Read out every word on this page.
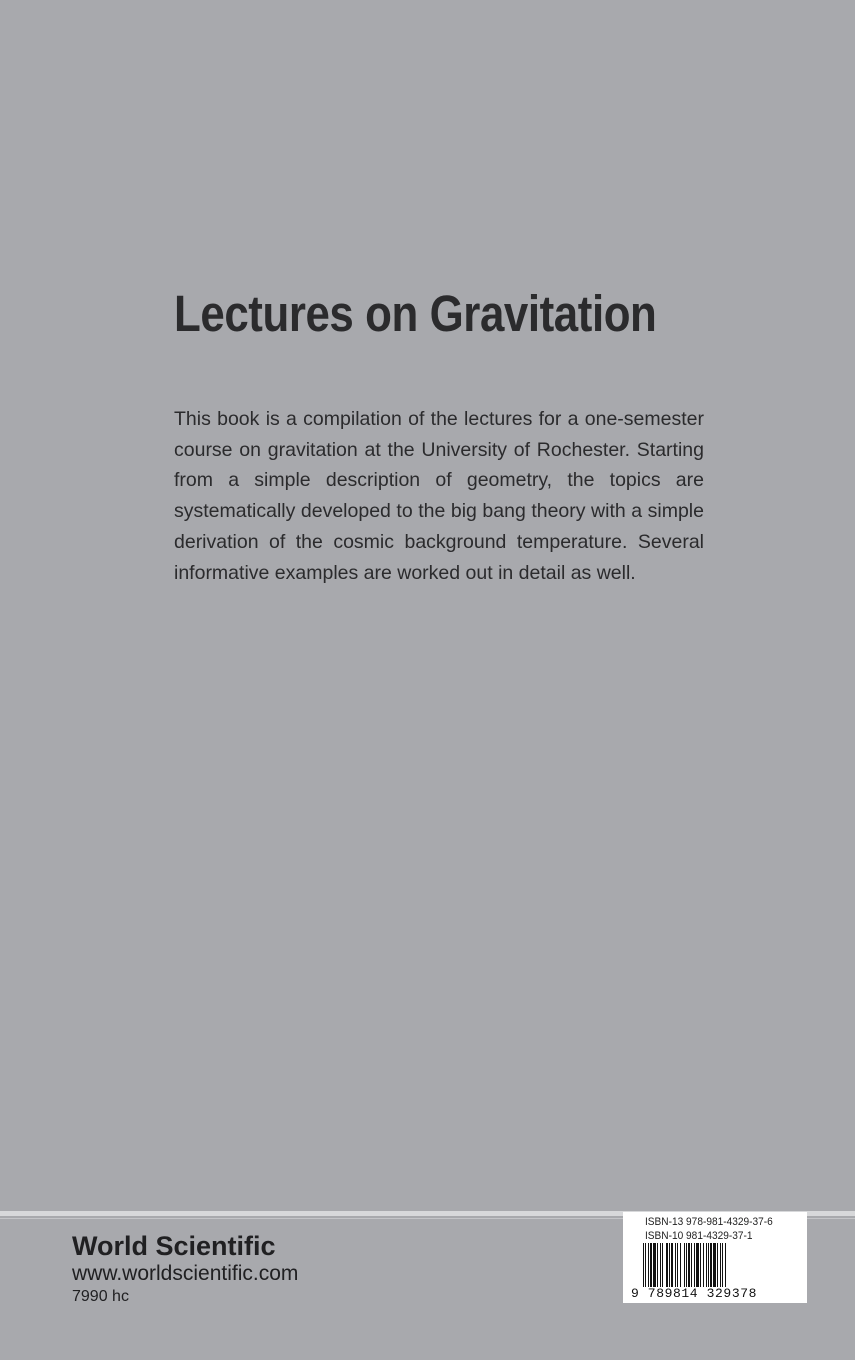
Lectures on Gravitation

This book is a compilation of the lectures for a one-semester course on gravitation at the University of Rochester. Starting from a simple description of geometry, the topics are systematically developed to the big bang theory with a simple derivation of the cosmic background temperature. Several informative examples are worked out in detail as well.

World Scientific
www.worldscientific.com
7990 hc
ISBN-13 978-981-4329-37-6
ISBN-10 981-4329-37-1
9 789814 329378
